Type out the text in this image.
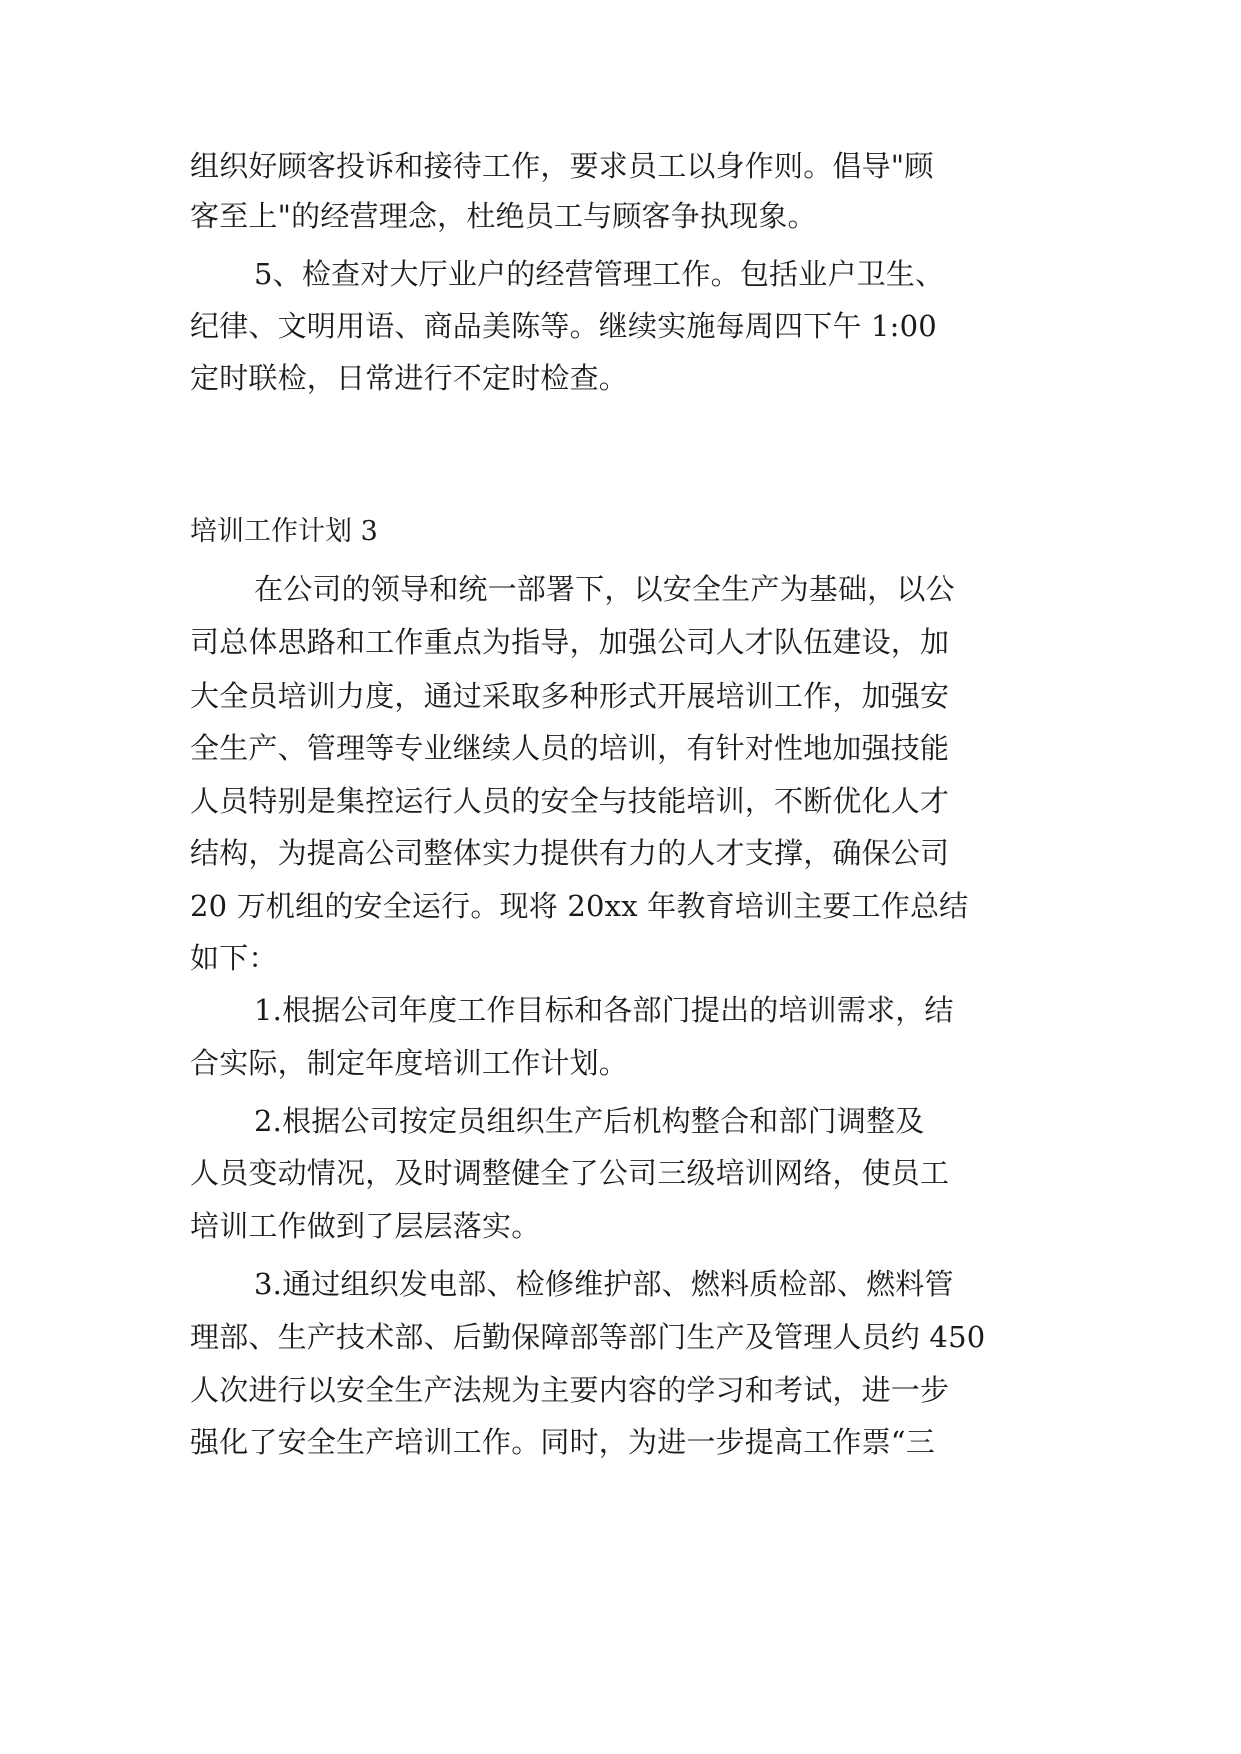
组织好顾客投诉和接待工作，要求员工以身作则。倡导"顾
客至上"的经营理念，杜绝员工与顾客争执现象。
5、检查对大厅业户的经营管理工作。包括业户卫生、
纪律、文明用语、商品美陈等。继续实施每周四下午 1:00
定时联检，日常进行不定时检查。
培训工作计划 3
在公司的领导和统一部署下，以安全生产为基础，以公
司总体思路和工作重点为指导，加强公司人才队伍建设，加
大全员培训力度，通过采取多种形式开展培训工作，加强安
全生产、管理等专业继续人员的培训，有针对性地加强技能
人员特别是集控运行人员的安全与技能培训，不断优化人才
结构，为提高公司整体实力提供有力的人才支撑，确保公司
20 万机组的安全运行。现将 20xx 年教育培训主要工作总结
如下：
1.根据公司年度工作目标和各部门提出的培训需求，结
合实际，制定年度培训工作计划。
2.根据公司按定员组织生产后机构整合和部门调整及
人员变动情况，及时调整健全了公司三级培训网络，使员工
培训工作做到了层层落实。
3.通过组织发电部、检修维护部、燃料质检部、燃料管
理部、生产技术部、后勤保障部等部门生产及管理人员约 450
人次进行以安全生产法规为主要内容的学习和考试，进一步
强化了安全生产培训工作。同时，为进一步提高工作票“三
